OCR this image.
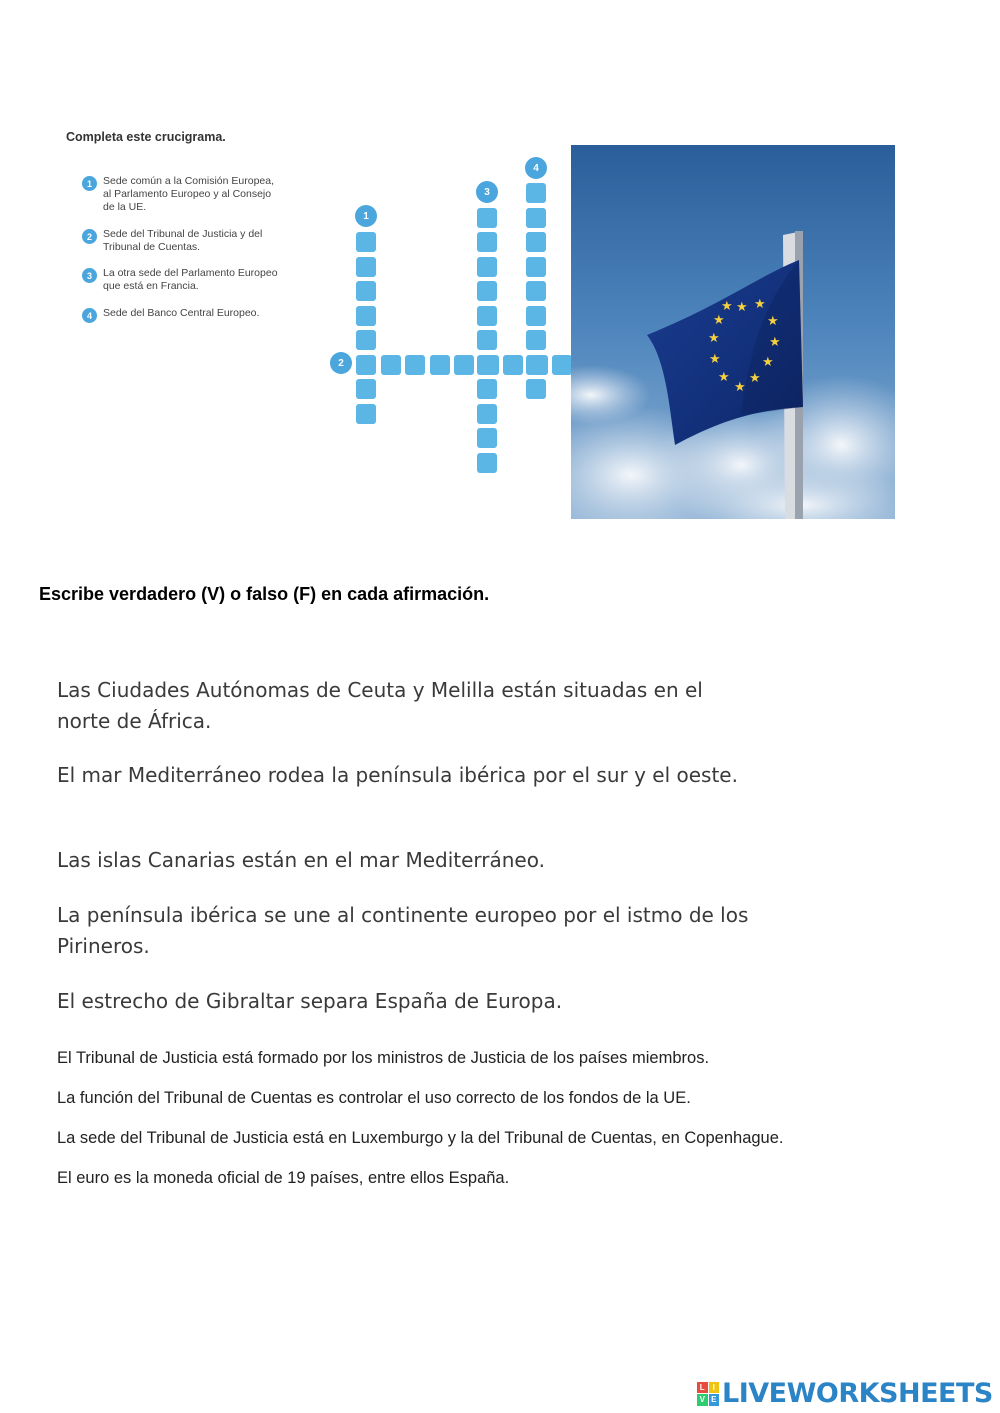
Completa este crucigrama.
1	Sede común a la Comisión Europea, al Parlamento Europeo y al Consejo de la UE.
2	Sede del Tribunal de Justicia y del Tribunal de Cuentas.
3	La otra sede del Parlamento Europeo que está en Francia.
4	Sede del Banco Central Europeo.
1
2
3
4
★ ★
★
★
★
★
★
★
★
★
★
★
Escribe verdadero (V) o falso (F) en cada afirmación.
Las Ciudades Autónomas de Ceuta y Melilla están situadas en el norte de África.
El mar Mediterráneo rodea la península ibérica por el sur y el oeste.
Las islas Canarias están en el mar Mediterráneo.
La península ibérica se une al continente europeo por el istmo de los Pirineros.
El estrecho de Gibraltar separa España de Europa.
El Tribunal de Justicia está formado por los ministros de Justicia de los países miembros.
La función del Tribunal de Cuentas es controlar el uso correcto de los fondos de la UE.
La sede del Tribunal de Justicia está en Luxemburgo y la del Tribunal de Cuentas, en Copenhague.
El euro es la moneda oficial de 19 países, entre ellos España.
L I
V E LIVEWORKSHEETS
